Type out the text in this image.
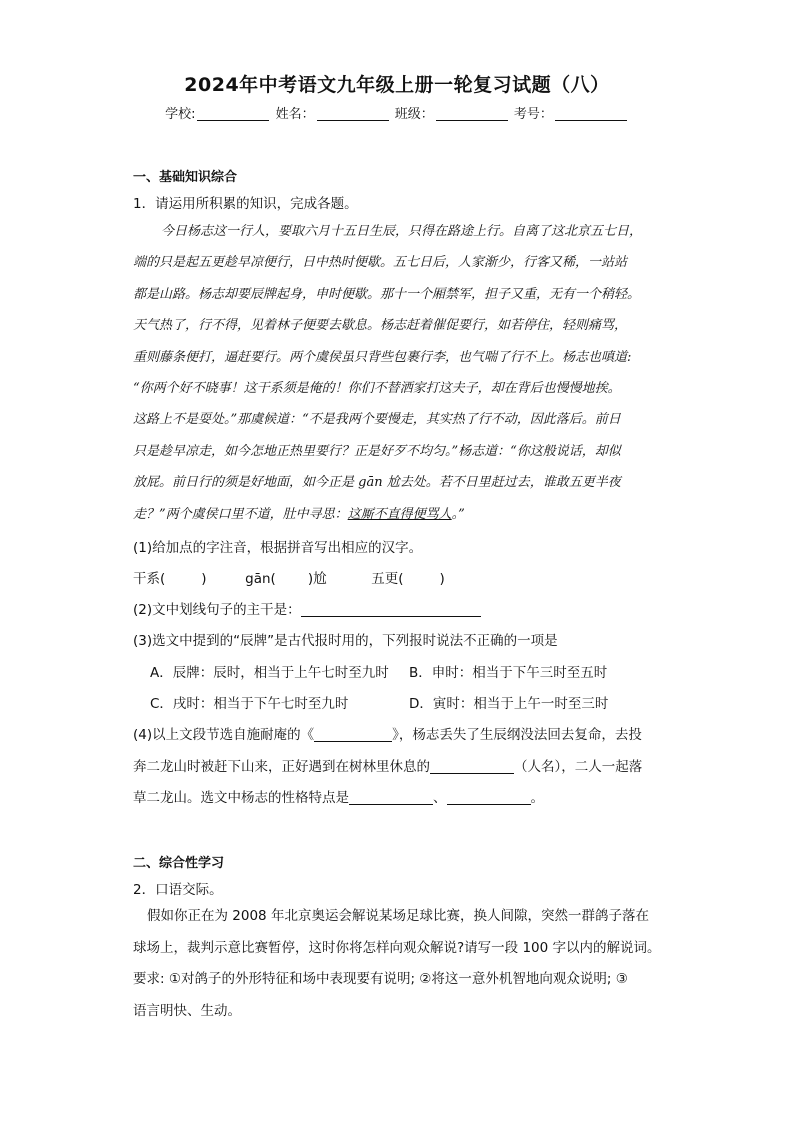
2024年中考语文九年级上册一轮复习试题（八）
学校:	姓名：	班级：	考号：
一、基础知识综合
1．请运用所积累的知识，完成各题。
今日杨志这一行人，要取六月十五日生辰，只得在路途上行。自离了这北京五七日，
端的只是起五更趁早凉便行，日中热时便歇。五七日后，人家渐少，行客又稀，一站站
都是山路。杨志却要辰牌起身，申时便歇。那十一个厢禁军，担子又重，无有一个稍轻。
天气热了，行不得，见着林子便要去歇息。杨志赶着催促要行，如若停住，轻则痛骂，
重则藤条便打，逼赶要行。两个虞侯虽只背些包裹行李，也气喘了行不上。杨志也嗔道:
“你两个好不晓事！这干系须是俺的！你们不替洒家打这夫子，却在背后也慢慢地挨。
这路上不是耍处。”那虞候道：“不是我两个要慢走，其实热了行不动，因此落后。前日
只是趁早凉走，如今怎地正热里要行？正是好歹不均匀。”杨志道：“你这般说话，却似
放屁。前日行的须是好地面，如今正是 gān 尬去处。若不日里赶过去，谁敢五更半夜
走？”两个虞侯口里不道，肚中寻思：这厮不直得便骂人。”
(1)给加点的字注音，根据拼音写出相应的汉字。
干系(	)	gān( )尬	五更(	)
(2)文中划线句子的主干是：
(3)选文中提到的“辰牌”是古代报时用的，下列报时说法不正确的一项是
A．辰牌：辰时，相当于上午七时至九时 B．申时：相当于下午三时至五时
C．戌时：相当于下午七时至九时	D．寅时：相当于上午一时至三时
(4)以上文段节选自施耐庵的《	》，杨志丢失了生辰纲没法回去复命，去投
奔二龙山时被赶下山来，正好遇到在树林里休息的	（人名），二人一起落
草二龙山。选文中杨志的性格特点是	、	。
二、综合性学习
2．口语交际。
假如你正在为 2008 年北京奥运会解说某场足球比赛，换人间隙，突然一群鸽子落在
球场上，裁判示意比赛暂停，这时你将怎样向观众解说?请写一段 100 字以内的解说词。
要求: ①对鸽子的外形特征和场中表现要有说明; ②将这一意外机智地向观众说明; ③
语言明快、生动。
